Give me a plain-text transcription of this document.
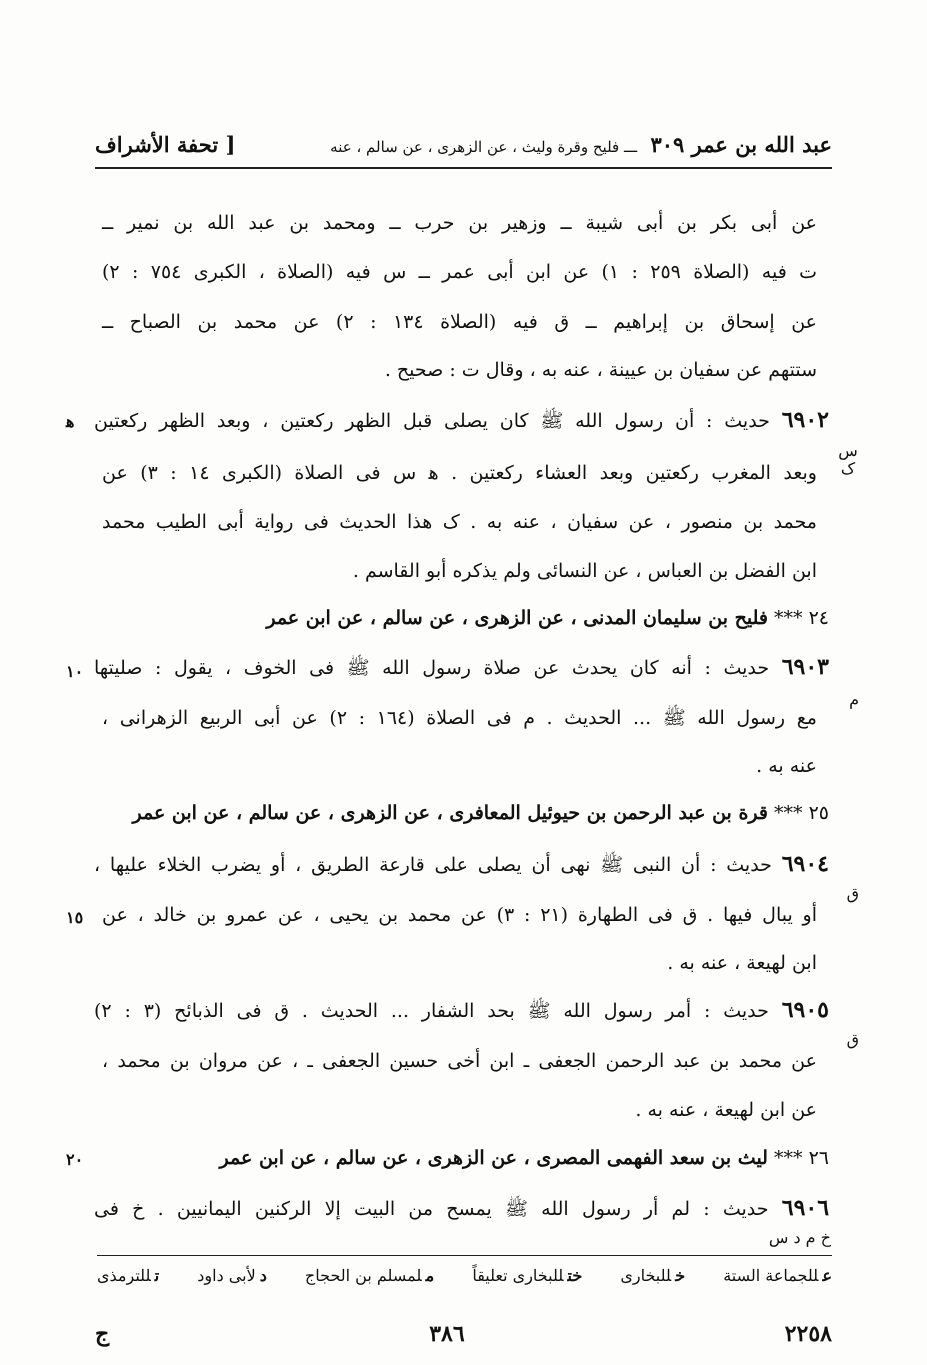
عبد الله بن عمر ٣٠٩ ـــ فليح وقرة وليث ، عن الزهرى ، عن سالم ، عنه
[ تحفة الأشراف
عن أبى بكر بن أبى شيبة ــ وزهير بن حرب ــ ومحمد بن عبد الله بن نمير ــ
ت فيه (الصلاة ٢٥٩ : ١) عن ابن أبى عمر ــ س فيه (الصلاة ، الكبرى ٧٥٤ : ٢)
عن إسحاق بن إبراهيم ــ ق فيه (الصلاة ١٣٤ : ٢) عن محمد بن الصباح ــ
ستتهم عن سفيان بن عيينة ، عنه به ، وقال ت : صحيح .
٦٩٠٢ حديث : أن رسول الله ﷺ كان يصلى قبل الظهر ركعتين ، وبعد الظهر ركعتين
وبعد المغرب ركعتين وبعد العشاء ركعتين . ﻫ س فى الصلاة (الكبرى ١٤ : ٣) عن
محمد بن منصور ، عن سفيان ، عنه به . ﮎ هذا الحديث فى رواية أبى الطيب محمد
ابن الفضل بن العباس ، عن النسائى ولم يذكره أبو القاسم .
ﻫ
س ﮎ
٢٤ *** فليح بن سليمان المدنى ، عن الزهرى ، عن سالم ، عن ابن عمر
٦٩٠٣ حديث : أنه كان يحدث عن صلاة رسول الله ﷺ فى الخوف ، يقول : صليتها
مع رسول الله ﷺ ... الحديث . م فى الصلاة (١٦٤ : ٢) عن أبى الربيع الزهرانى ،
عنه به .
م
١٠
٢٥ *** قرة بن عبد الرحمن بن حيوئيل المعافرى ، عن الزهرى ، عن سالم ، عن ابن عمر
٦٩٠٤ حديث : أن النبى ﷺ نهى أن يصلى على قارعة الطريق ، أو يضرب الخلاء عليها ،
أو يبال فيها . ق فى الطهارة (٢١ : ٣) عن محمد بن يحيى ، عن عمرو بن خالد ، عن
ابن لهيعة ، عنه به .
ق
١٥
٦٩٠٥ حديث : أمر رسول الله ﷺ بحد الشفار ... الحديث . ق فى الذبائح (٣ : ٢)
عن محمد بن عبد الرحمن الجعفى ـ ابن أخى حسين الجعفى ـ ، عن مروان بن محمد ،
عن ابن لهيعة ، عنه به .
ق
٢٦ *** ليث بن سعد الفهمى المصرى ، عن الزهرى ، عن سالم ، عن ابن عمر
٢٠
٦٩٠٦ حديث : لم أر رسول الله ﷺ يمسح من البيت إلا الركنين اليمانيين . خ فى
خ م د س
عللجماعة الستة
خللبخارى
ختللبخارى تعليقاً
ملمسلم بن الحجاج
دلأبى داود
تللترمذى
ج	٣٨٦	٢٢٥٨
